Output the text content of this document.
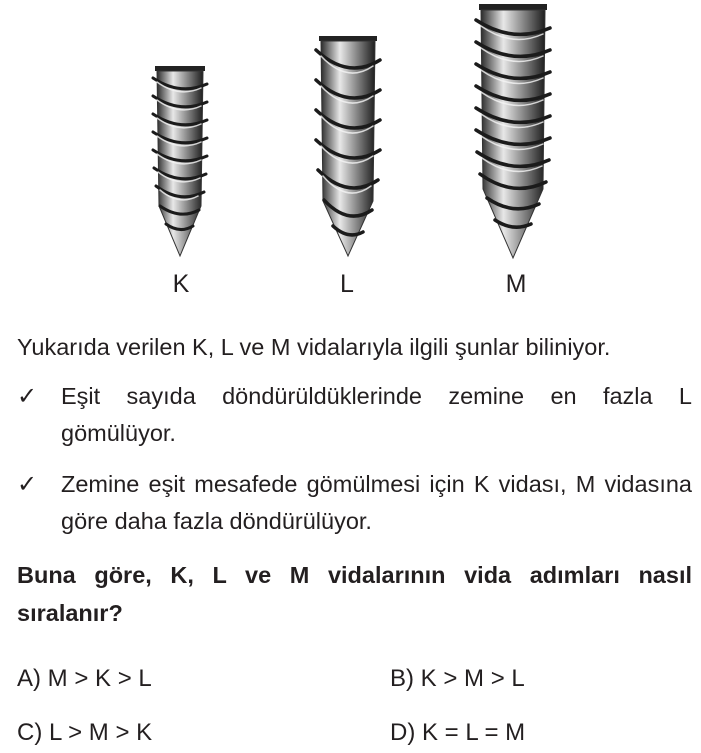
K	L	M
Yukarıda verilen K, L ve M vidalarıyla ilgili şunlar biliniyor.
✓	Eşit sayıda döndürüldüklerinde zemine en fazla L gömülüyor.
✓	Zemine eşit mesafede gömülmesi için K vidası, M vidasına göre daha fazla döndürülüyor.
Buna göre, K, L ve M vidalarının vida adımları nasıl sıralanır?
A) M > K > L	B) K > M > L
C) L > M > K	D) K = L = M
